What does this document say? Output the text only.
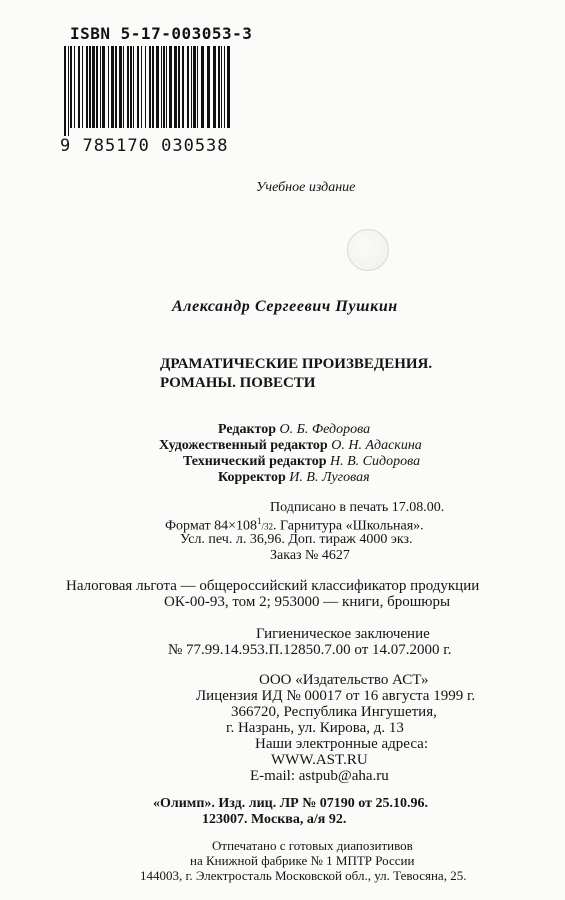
ISBN 5-17-003053-3
9 785170 030538
Учебное издание
Александр Сергеевич Пушкин
ДРАМАТИЧЕСКИЕ ПРОИЗВЕДЕНИЯ.
РОМАНЫ. ПОВЕСТИ
Редактор О. Б. Федорова
Художественный редактор О. Н. Адаскина
Технический редактор Н. В. Сидорова
Корректор И. В. Луговая
Подписано в печать 17.08.00.
Формат $84\times 108^1/32$. Гарнитура «Школьная».
Усл. печ. л. 36,96. Доп. тираж 4000 экз.
Заказ № 4627
Налоговая льгота — общероссийский классификатор продукции
ОК-00-93, том 2; 953000 — книги, брошюры
Гигиеническое заключение
№ 77.99.14.953.П.12850.7.00 от 14.07.2000 г.
ООО «Издательство АСТ»
Лицензия ИД № 00017 от 16 августа 1999 г.
366720, Республика Ингушетия,
г. Назрань, ул. Кирова, д. 13
Наши электронные адреса:
WWW.AST.RU
E-mail: astpub@aha.ru
«Олимп». Изд. лиц. ЛР № 07190 от 25.10.96.
123007. Москва, а/я 92.
Отпечатано с готовых диапозитивов
на Книжной фабрике № 1 МПТР России
144003, г. Электросталь Московской обл., ул. Тевосяна, 25.
